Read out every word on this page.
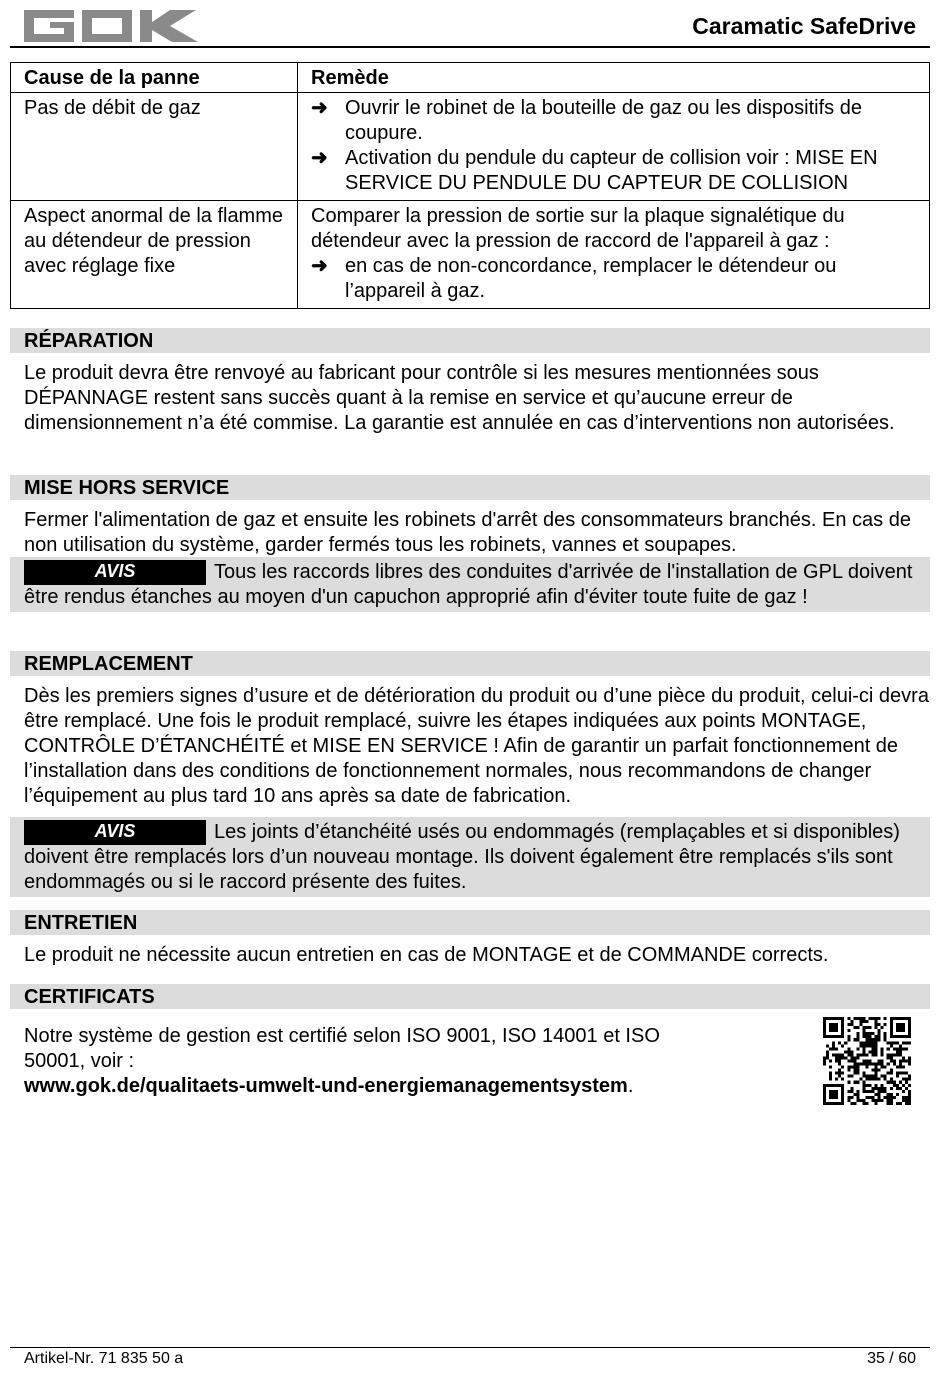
Caramatic SafeDrive
Cause de la panne	Remède
Pas de débit de gaz	➜ Ouvrir le robinet de la bouteille de gaz ou les dispositifs de coupure.
➜ Activation du pendule du capteur de collision voir : MISE EN SERVICE DU PENDULE DU CAPTEUR DE COLLISION

Aspect anormal de la flamme au détendeur de pression avec réglage fixe	Comparer la pression de sortie sur la plaque signalétique du détendeur avec la pression de raccord de l'appareil à gaz :
➜ en cas de non-concordance, remplacer le détendeur ou l’appareil à gaz.
RÉPARATION
Le produit devra être renvoyé au fabricant pour contrôle si les mesures mentionnées sous DÉPANNAGE restent sans succès quant à la remise en service et qu’aucune erreur de dimensionnement n’a été commise. La garantie est annulée en cas d’interventions non autorisées.
MISE HORS SERVICE
Fermer l'alimentation de gaz et ensuite les robinets d'arrêt des consommateurs branchés. En cas de non utilisation du système, garder fermés tous les robinets, vannes et soupapes.

AVIS	Tous les raccords libres des conduites d'arrivée de l'installation de GPL doivent être rendus étanches au moyen d'un capuchon approprié afin d'éviter toute fuite de gaz !

REMPLACEMENT
Dès les premiers signes d’usure et de détérioration du produit ou d’une pièce du produit, celui-ci devra être remplacé. Une fois le produit remplacé, suivre les étapes indiquées aux points MONTAGE, CONTRÔLE D’ÉTANCHÉITÉ et MISE EN SERVICE ! Afin de garantir un parfait fonctionnement de l’installation dans des conditions de fonctionnement normales, nous recommandons de changer l’équipement au plus tard 10 ans après sa date de fabrication.

AVIS	Les joints d’étanchéité usés ou endommagés (remplaçables et si disponibles) doivent être remplacés lors d’un nouveau montage. Ils doivent également être remplacés s'ils sont endommagés ou si le raccord présente des fuites.

ENTRETIEN
Le produit ne nécessite aucun entretien en cas de MONTAGE et de COMMANDE corrects.
CERTIFICATS
Notre système de gestion est certifié selon ISO 9001, ISO 14001 et ISO 50001, voir :
www.gok.de/qualitaets-umwelt-und-energiemanagementsystem.
Artikel-Nr. 71 835 50 a	35 / 60
